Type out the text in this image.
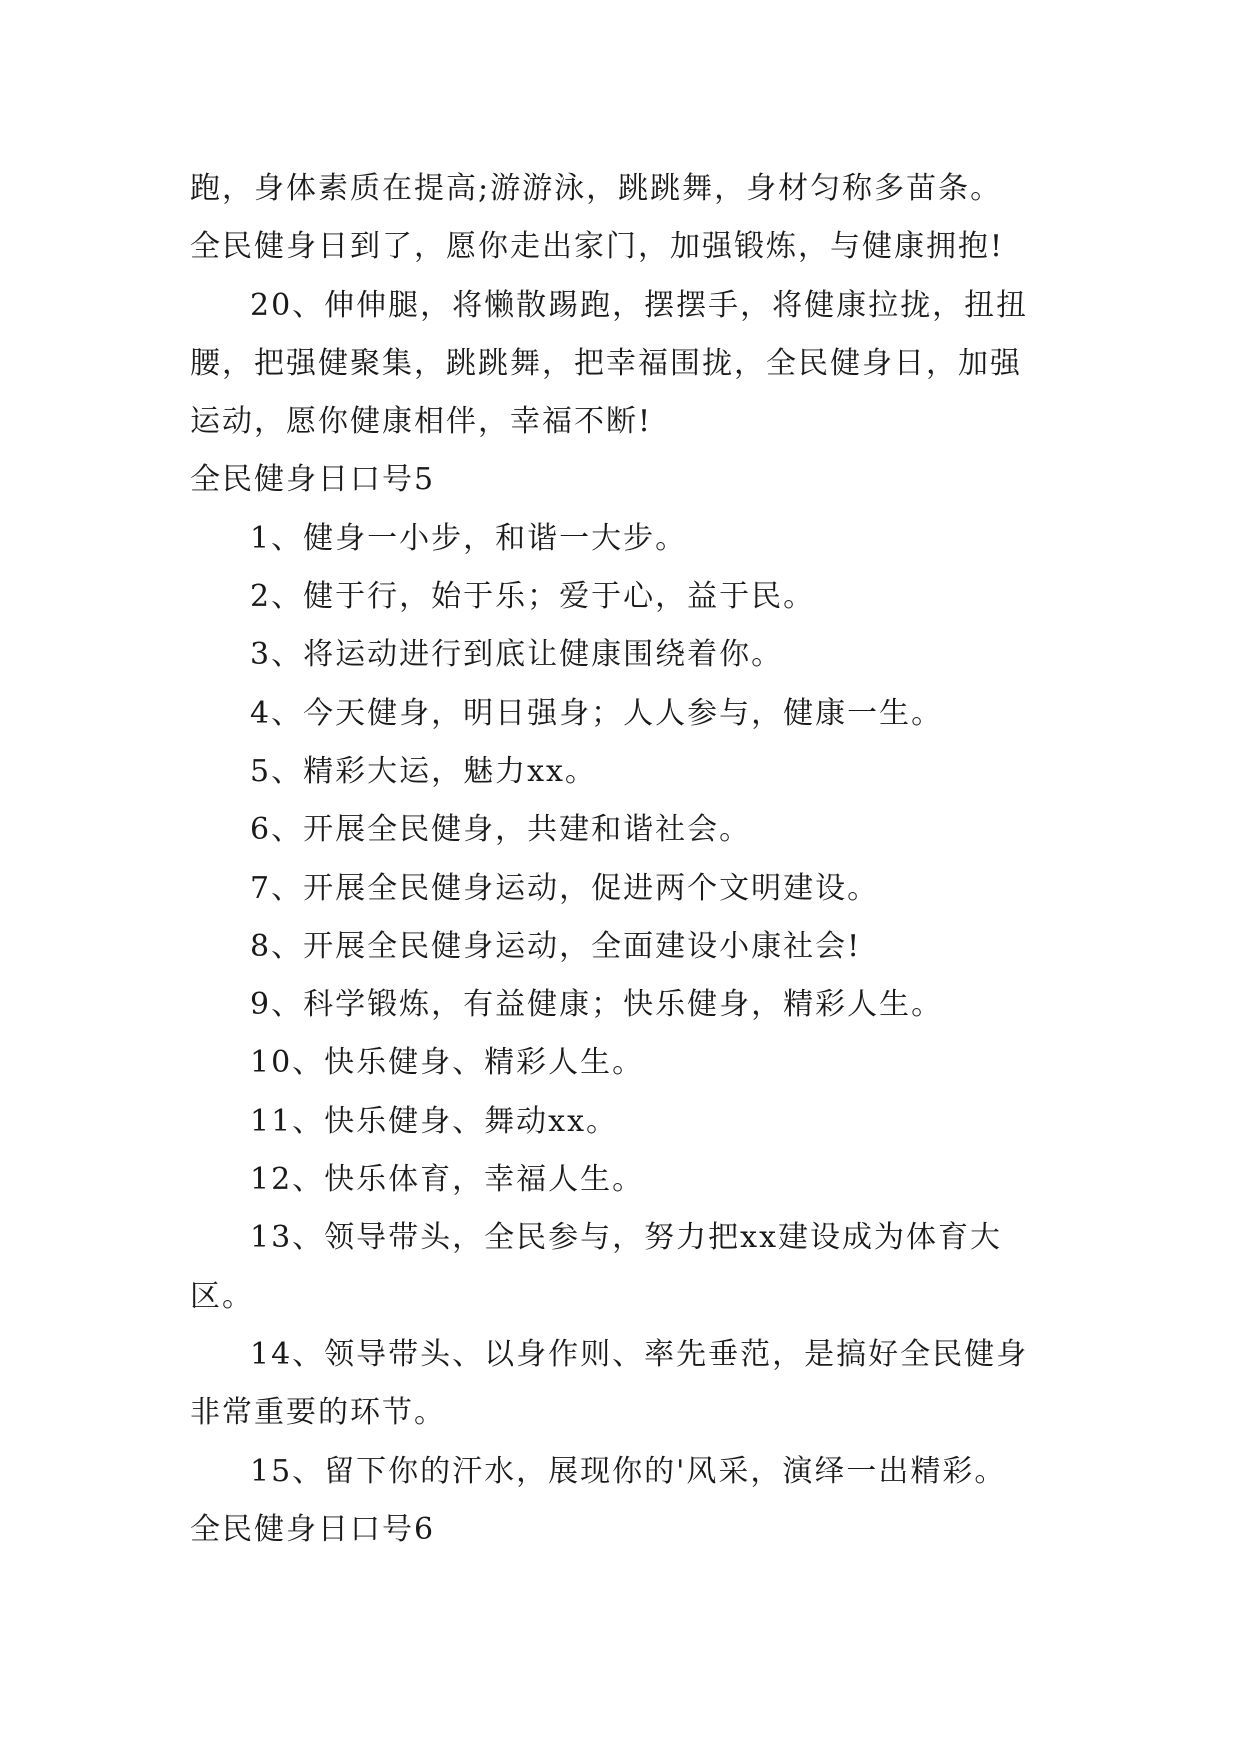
跑，身体素质在提高;游游泳，跳跳舞，身材匀称多苗条。
全民健身日到了，愿你走出家门，加强锻炼，与健康拥抱!
20、伸伸腿，将懒散踢跑，摆摆手，将健康拉拢，扭扭
腰，把强健聚集，跳跳舞，把幸福围拢，全民健身日，加强
运动，愿你健康相伴，幸福不断!
全民健身日口号5
1、健身一小步，和谐一大步。
2、健于行，始于乐；爱于心，益于民。
3、将运动进行到底让健康围绕着你。
4、今天健身，明日强身；人人参与，健康一生。
5、精彩大运，魅力xx。
6、开展全民健身，共建和谐社会。
7、开展全民健身运动，促进两个文明建设。
8、开展全民健身运动，全面建设小康社会!
9、科学锻炼，有益健康；快乐健身，精彩人生。
10、快乐健身、精彩人生。
11、快乐健身、舞动xx。
12、快乐体育，幸福人生。
13、领导带头，全民参与，努力把xx建设成为体育大
区。
14、领导带头、以身作则、率先垂范，是搞好全民健身
非常重要的环节。
15、留下你的汗水，展现你的'风采，演绎一出精彩。
全民健身日口号6
